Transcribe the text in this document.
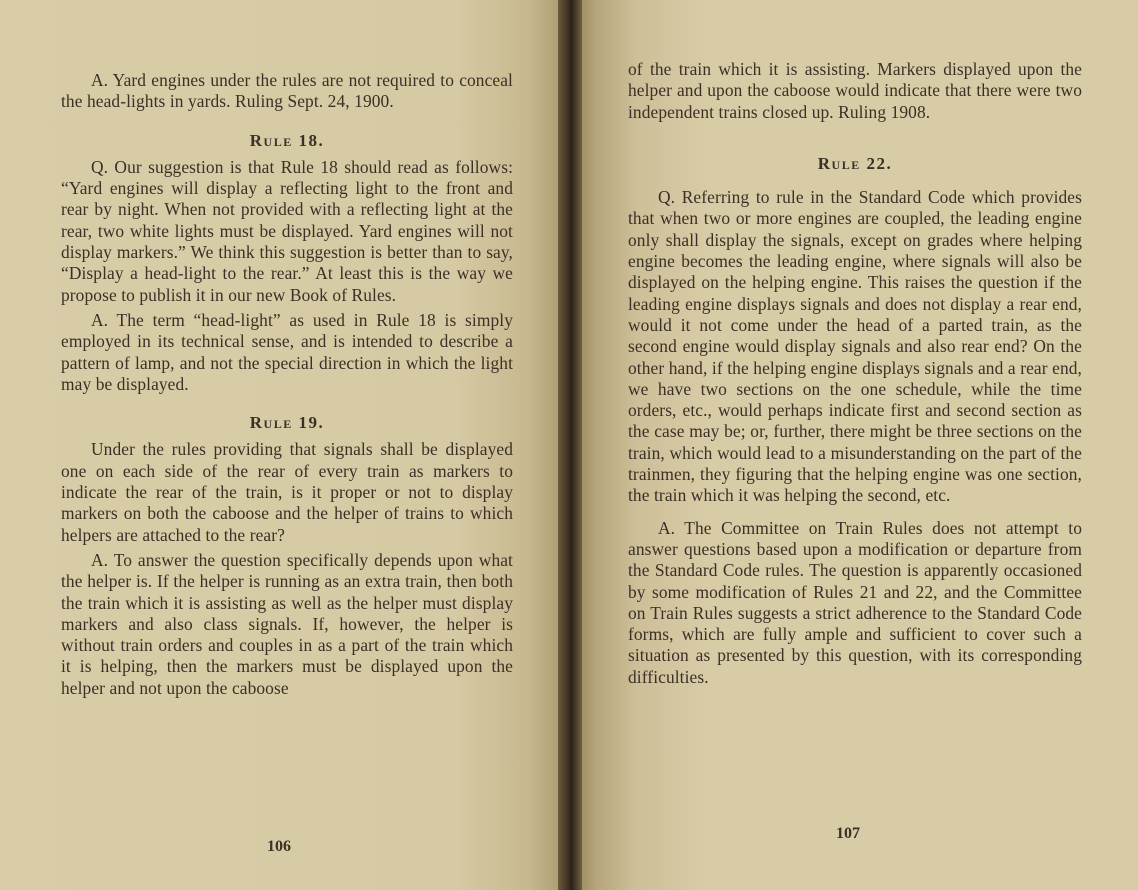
A. Yard engines under the rules are not required to conceal the head-lights in yards. Ruling Sept. 24, 1900.

Rule 18.

Q. Our suggestion is that Rule 18 should read as follows: “Yard engines will display a reflecting light to the front and rear by night. When not provided with a reflecting light at the rear, two white lights must be displayed. Yard engines will not display markers.” We think this suggestion is better than to say, “Display a head-light to the rear.” At least this is the way we propose to publish it in our new Book of Rules.

A. The term “head-light” as used in Rule 18 is simply employed in its technical sense, and is intended to describe a pattern of lamp, and not the special direction in which the light may be displayed.

Rule 19.

Under the rules providing that signals shall be displayed one on each side of the rear of every train as markers to indicate the rear of the train, is it proper or not to display markers on both the caboose and the helper of trains to which helpers are attached to the rear?

A. To answer the question specifically depends upon what the helper is. If the helper is running as an extra train, then both the train which it is assisting as well as the helper must display markers and also class signals. If, however, the helper is without train orders and couples in as a part of the train which it is helping, then the markers must be displayed upon the helper and not upon the caboose

of the train which it is assisting. Markers displayed upon the helper and upon the caboose would indicate that there were two independent trains closed up. Ruling 1908.

Rule 22.

Q. Referring to rule in the Standard Code which provides that when two or more engines are coupled, the leading engine only shall display the signals, except on grades where helping engine becomes the leading engine, where signals will also be displayed on the helping engine. This raises the question if the leading engine displays signals and does not display a rear end, would it not come under the head of a parted train, as the second engine would display signals and also rear end? On the other hand, if the helping engine displays signals and a rear end, we have two sections on the one schedule, while the time orders, etc., would perhaps indicate first and second section as the case may be; or, further, there might be three sections on the train, which would lead to a misunderstanding on the part of the trainmen, they figuring that the helping engine was one section, the train which it was helping the second, etc.

A. The Committee on Train Rules does not attempt to answer questions based upon a modification or departure from the Standard Code rules. The question is apparently occasioned by some modification of Rules 21 and 22, and the Committee on Train Rules suggests a strict adherence to the Standard Code forms, which are fully ample and sufficient to cover such a situation as presented by this question, with its corresponding difficulties.

106
107
